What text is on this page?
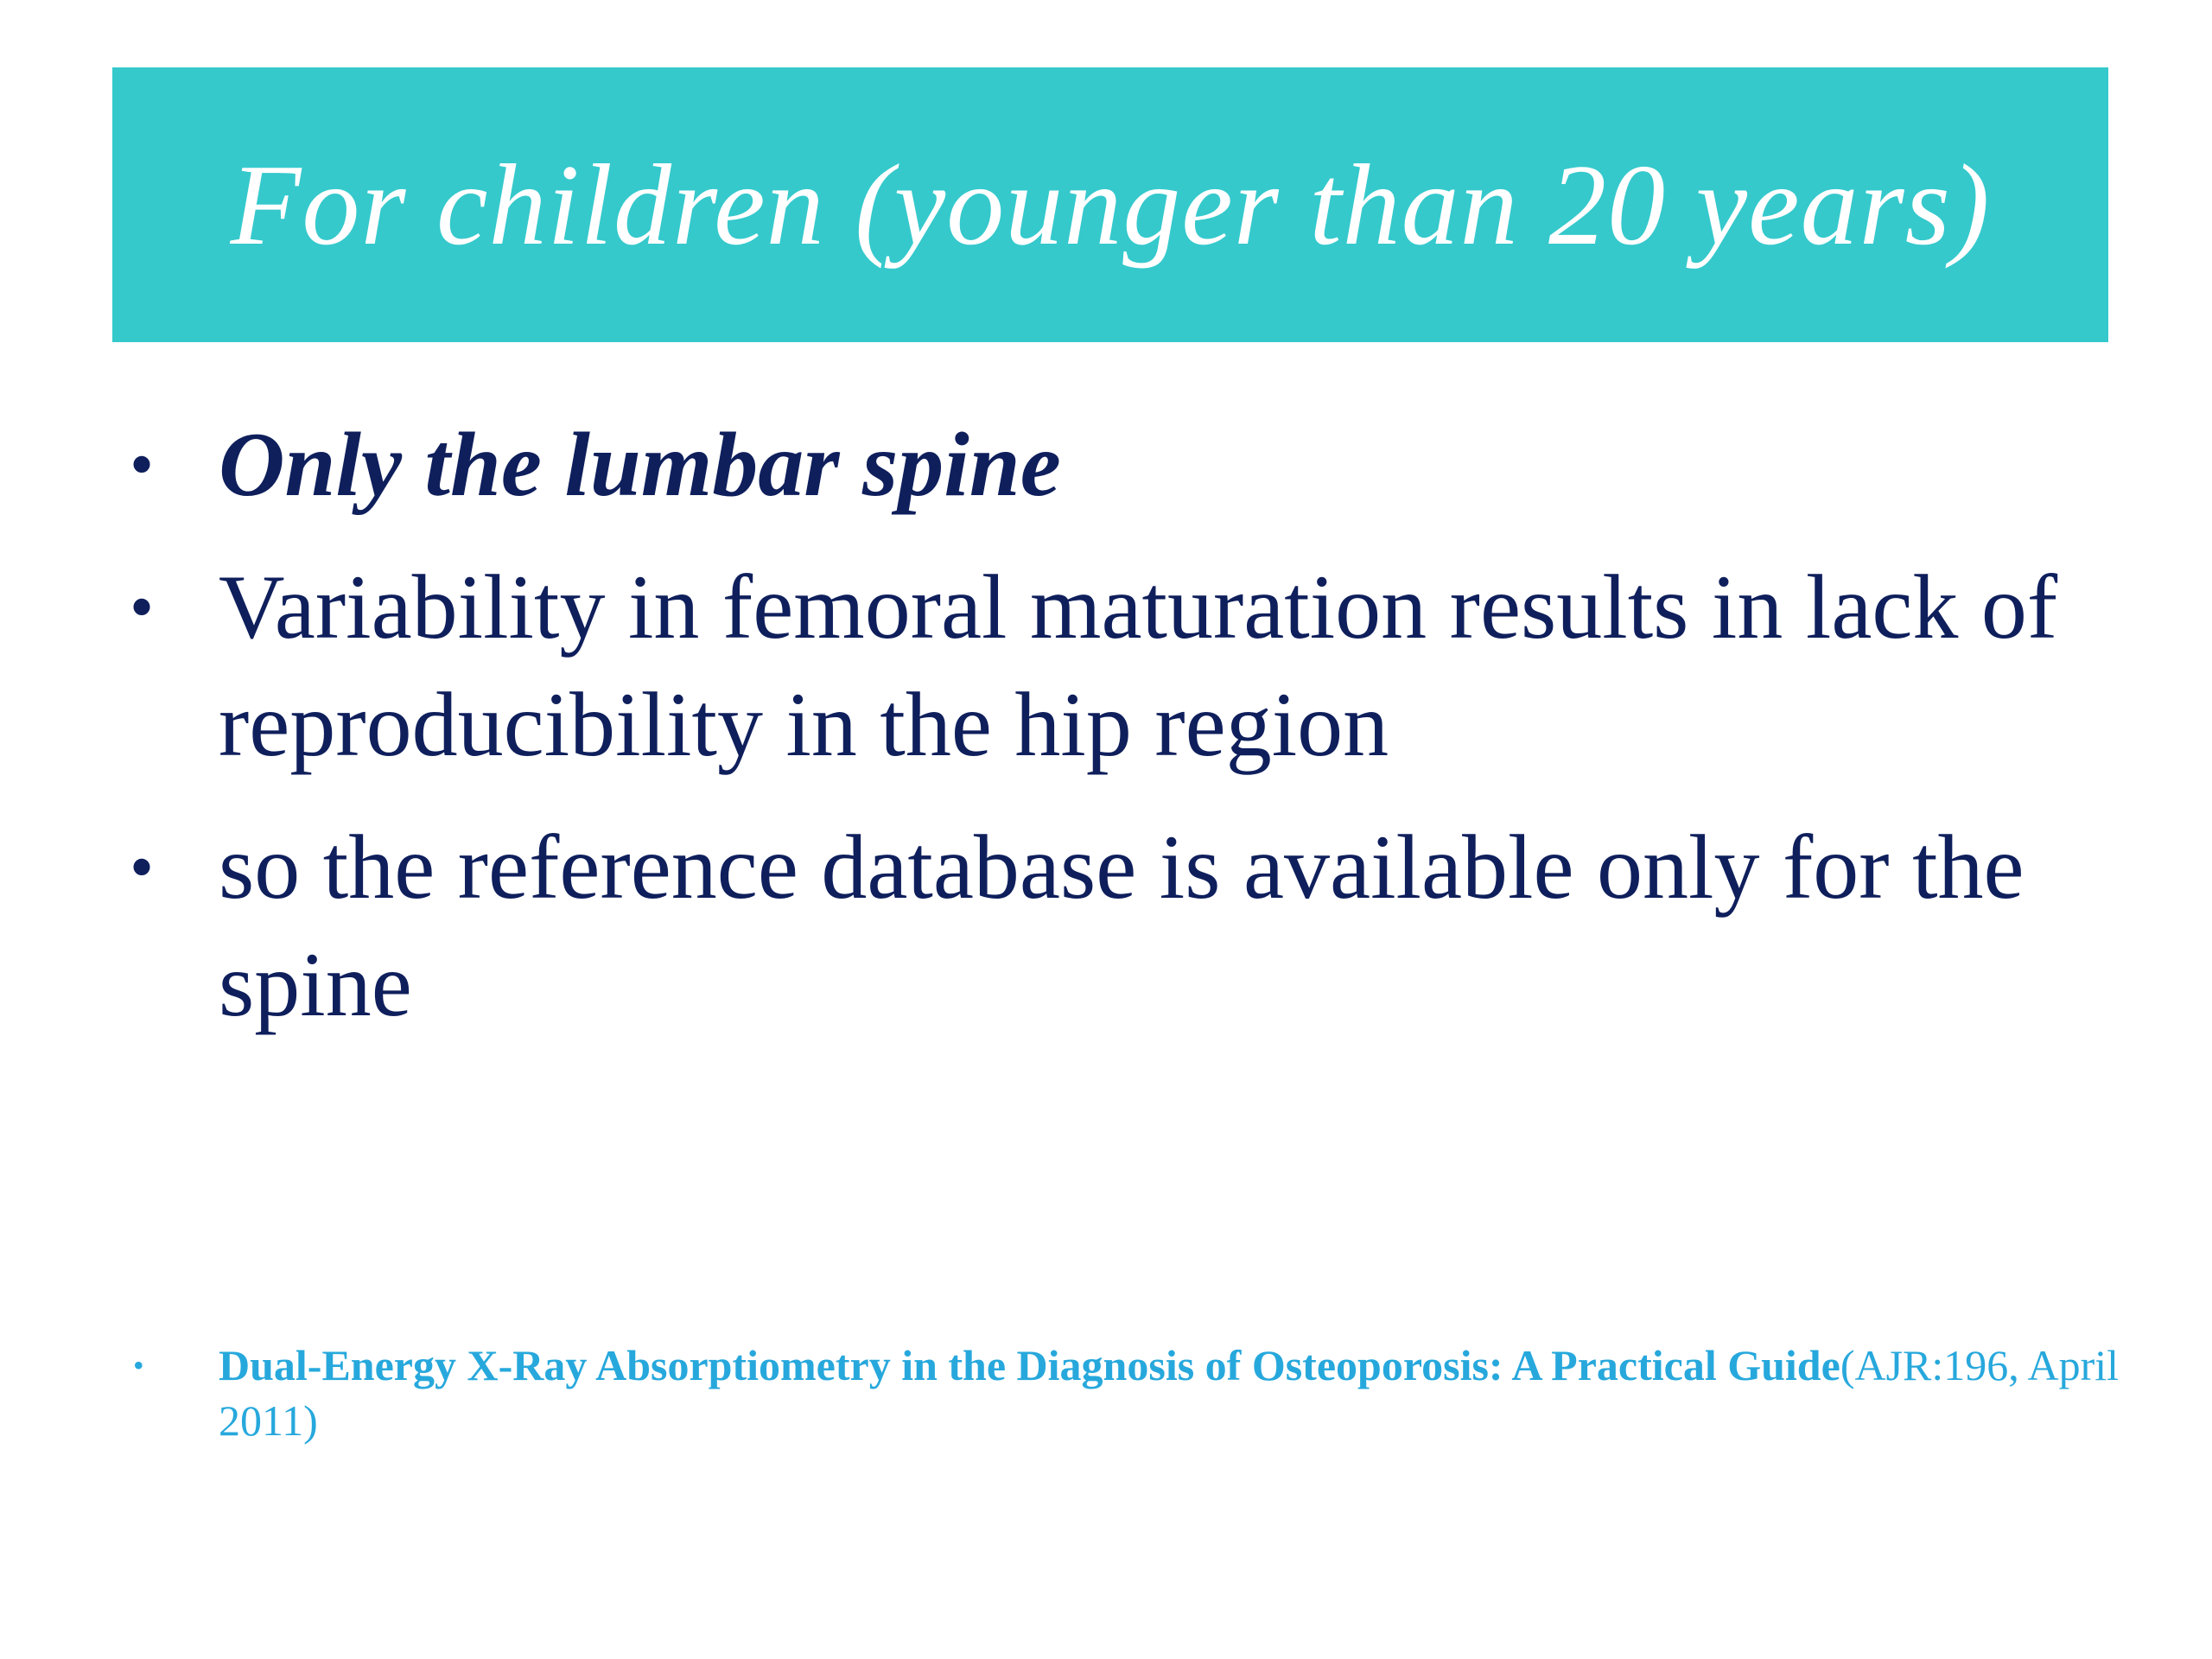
For children (younger than 20 years)
• Only the lumbar spine
• Variability in femoral maturation results in lack of reproducibility in the hip region
• so the reference database is available only for the spine
• Dual-Energy X-Ray Absorptiometry in the Diagnosis of Osteoporosis: A Practical Guide(AJR:196, April 2011)
